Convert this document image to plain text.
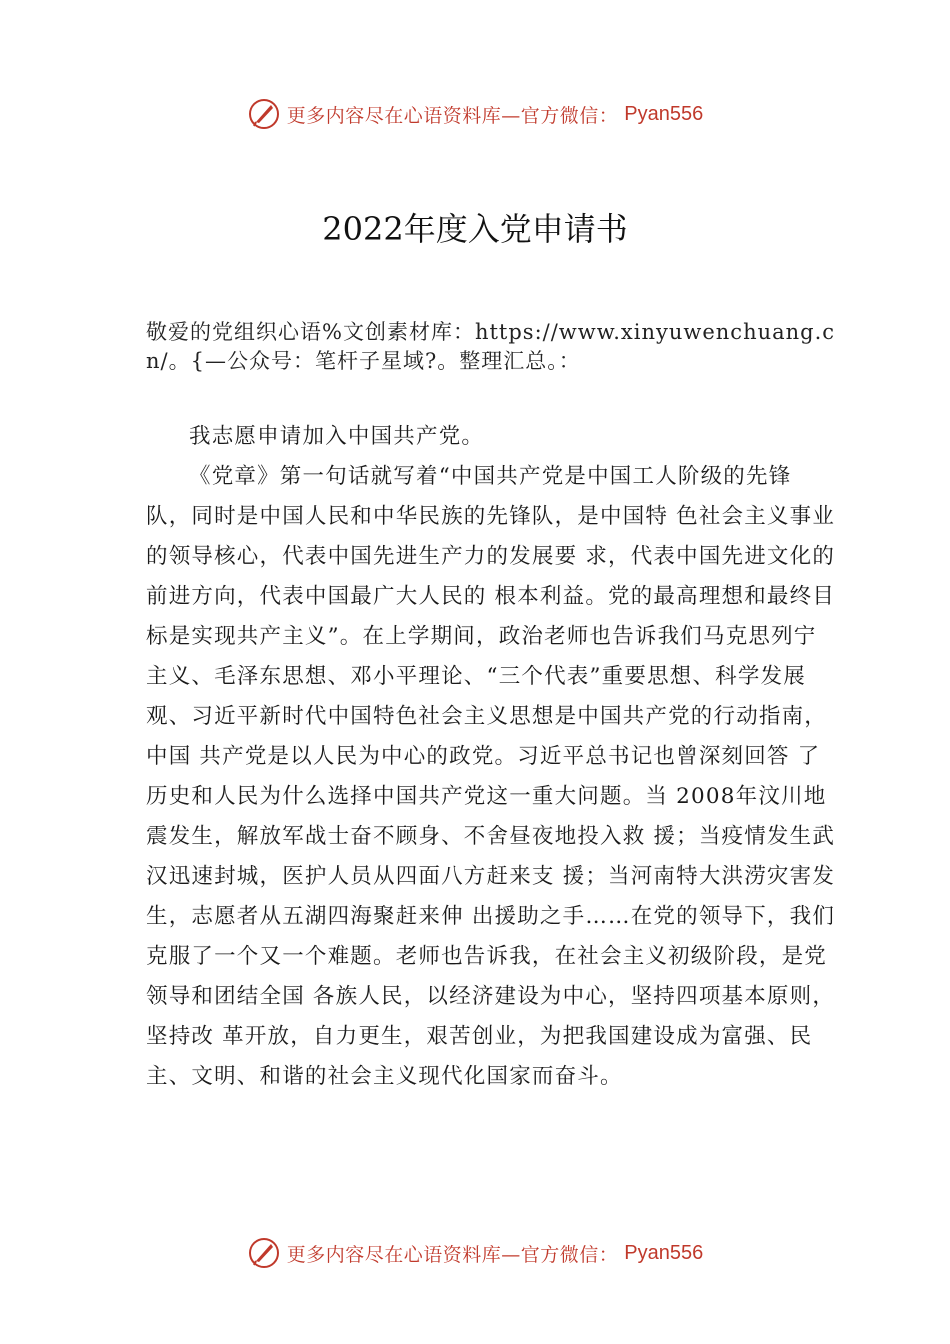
更多内容尽在心语资料库—官方微信： Pyan556
2022年度入党申请书
敬爱的党组织心语%文创素材库：https://www.xinyuwenchuang.cn/。{—公众号：笔杆子星域?。整理汇总。：

我志愿申请加入中国共产党。

《党章》第一句话就写着“中国共产党是中国工人阶级的先锋队，同时是中国人民和中华民族的先锋队，是中国特 色社会主义事业的领导核心，代表中国先进生产力的发展要 求，代表中国先进文化的前进方向，代表中国最广大人民的 根本利益。党的最高理想和最终目标是实现共产主义”。在上学期间，政治老师也告诉我们马克思列宁主义、毛泽东思想、邓小平理论、“三个代表”重要思想、科学发展观、习近平新时代中国特色社会主义思想是中国共产党的行动指南，中国 共产党是以人民为中心的政党。习近平总书记也曾深刻回答 了历史和人民为什么选择中国共产党这一重大问题。当 2008年汶川地震发生，解放军战士奋不顾身、不舍昼夜地投入救 援；当疫情发生武汉迅速封城，医护人员从四面八方赶来支 援；当河南特大洪涝灾害发生，志愿者从五湖四海聚赶来伸 出援助之手……在党的领导下，我们克服了一个又一个难题。老师也告诉我，在社会主义初级阶段，是党领导和团结全国 各族人民，以经济建设为中心，坚持四项基本原则，坚持改 革开放，自力更生，艰苦创业，为把我国建设成为富强、民 主、文明、和谐的社会主义现代化国家而奋斗。

更多内容尽在心语资料库—官方微信： Pyan556
